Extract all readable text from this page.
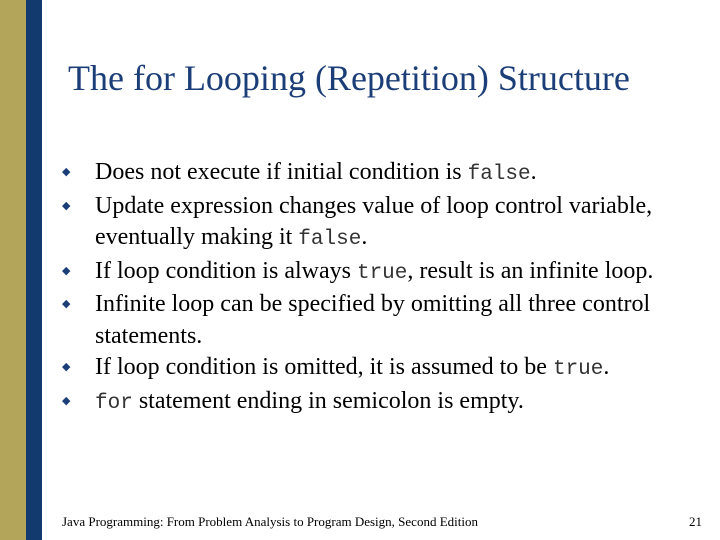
The for Looping (Repetition) Structure
◆ Does not execute if initial condition is false.
◆ Update expression changes value of loop control variable, eventually making it false.
◆ If loop condition is always true, result is an infinite loop.
◆ Infinite loop can be specified by omitting all three control statements.
◆ If loop condition is omitted, it is assumed to be true.
◆ for statement ending in semicolon is empty.
Java Programming: From Problem Analysis to Program Design, Second Edition	21
